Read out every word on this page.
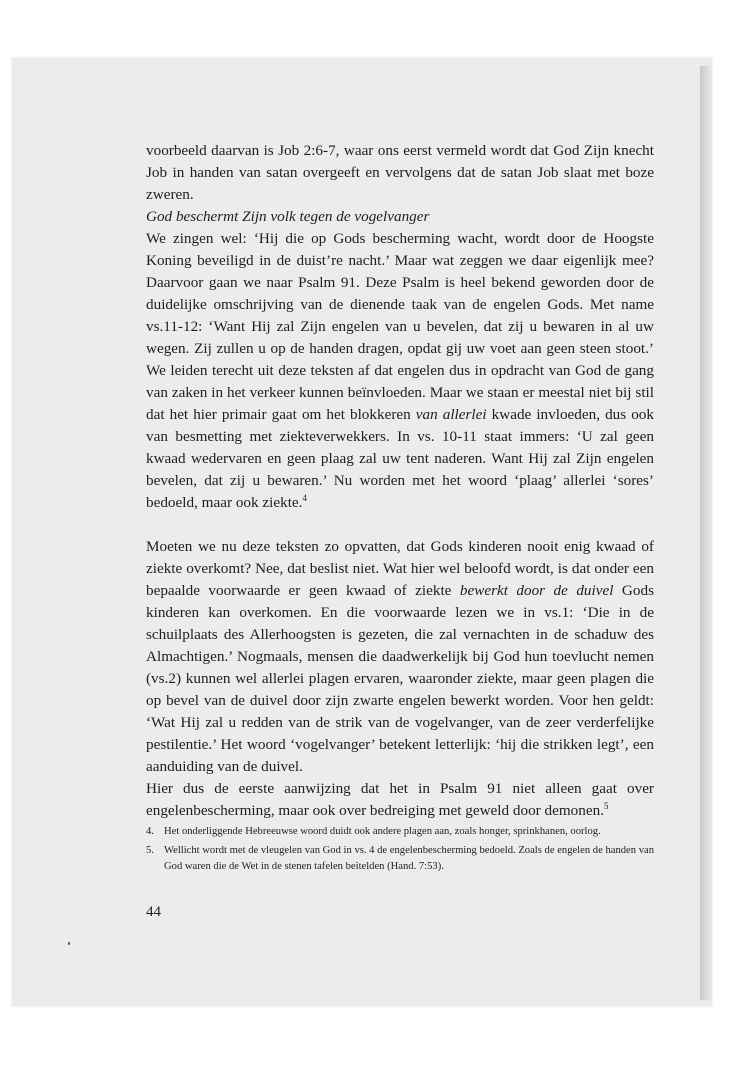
voorbeeld daarvan is Job 2:6-7, waar ons eerst vermeld wordt dat God Zijn knecht Job in handen van satan overgeeft en vervolgens dat de satan Job slaat met boze zweren.

God beschermt Zijn volk tegen de vogelvanger

We zingen wel: ‘Hij die op Gods bescherming wacht, wordt door de Hoogste Koning beveiligd in de duist’re nacht.’ Maar wat zeggen we daar eigenlijk mee? Daarvoor gaan we naar Psalm 91. Deze Psalm is heel bekend geworden door de duidelijke omschrijving van de dienende taak van de engelen Gods. Met name vs.11-12: ‘Want Hij zal Zijn engelen van u bevelen, dat zij u bewaren in al uw wegen. Zij zullen u op de handen dragen, opdat gij uw voet aan geen steen stoot.’ We leiden terecht uit deze teksten af dat engelen dus in opdracht van God de gang van zaken in het verkeer kunnen beïnvloeden. Maar we staan er meestal niet bij stil dat het hier primair gaat om het blokkeren van allerlei kwade invloeden, dus ook van besmetting met ziekteverwekkers. In vs. 10-11 staat immers: ‘U zal geen kwaad wedervaren en geen plaag zal uw tent naderen. Want Hij zal Zijn engelen bevelen, dat zij u bewaren.’ Nu worden met het woord ‘plaag’ allerlei ‘sores’ bedoeld, maar ook ziekte.$^4$

Moeten we nu deze teksten zo opvatten, dat Gods kinderen nooit enig kwaad of ziekte overkomt? Nee, dat beslist niet. Wat hier wel beloofd wordt, is dat onder een bepaalde voorwaarde er geen kwaad of ziekte bewerkt door de duivel Gods kinderen kan overkomen. En die voorwaarde lezen we in vs.1: ‘Die in de schuilplaats des Allerhoogsten is gezeten, die zal vernachten in de schaduw des Almachtigen.’ Nogmaals, mensen die daadwerkelijk bij God hun toevlucht nemen (vs.2) kunnen wel allerlei plagen ervaren, waaronder ziekte, maar geen plagen die op bevel van de duivel door zijn zwarte engelen bewerkt worden. Voor hen geldt: ‘Wat Hij zal u redden van de strik van de vogelvanger, van de zeer verderfelijke pestilentie.’ Het woord ‘vogelvanger’ betekent letterlijk: ‘hij die strikken legt’, een aanduiding van de duivel.

Hier dus de eerste aanwijzing dat het in Psalm 91 niet alleen gaat over engelenbescherming, maar ook over bedreiging met geweld door demonen.$^5$

4. Het onderliggende Hebreeuwse woord duidt ook andere plagen aan, zoals honger, sprinkhanen, oorlog.
5. Wellicht wordt met de vleugelen van God in vs. 4 de engelenbescherming bedoeld. Zoals de engelen de handen van God waren die de Wet in de stenen tafelen beitelden (Hand. 7:53).
44
